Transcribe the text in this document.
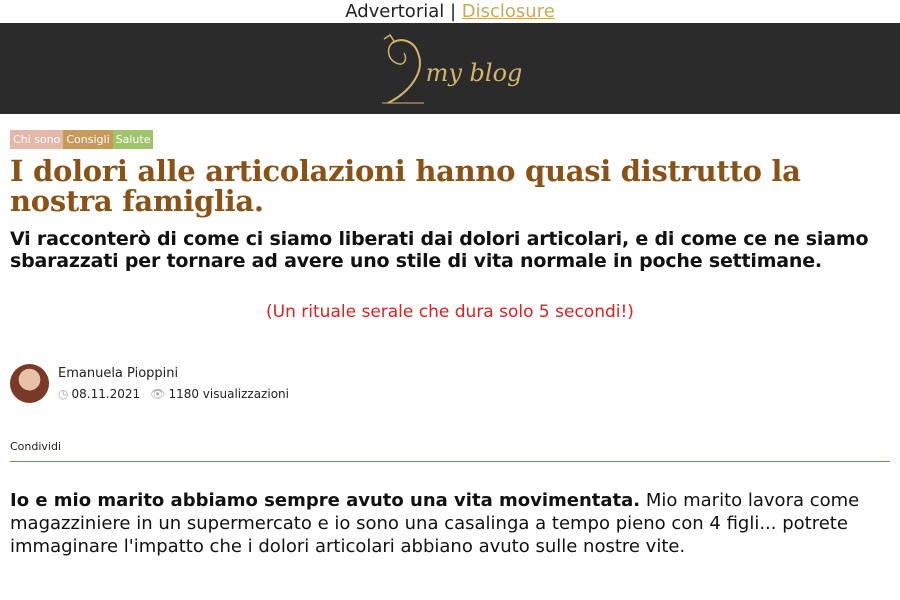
Advertorial | Disclosure
my blog
Chi sono Consigli Salute
I dolori alle articolazioni hanno quasi distrutto la nostra famiglia.
Vi racconterò di come ci siamo liberati dai dolori articolari, e di come ce ne siamo sbarazzati per tornare ad avere uno stile di vita normale in poche settimane.
(Un rituale serale che dura solo 5 secondi!)
Emanuela Pioppini
◷ 08.11.2021 👁 1180 visualizzazioni
Condividi

Io e mio marito abbiamo sempre avuto una vita movimentata. Mio marito lavora come magazziniere in un supermercato e io sono una casalinga a tempo pieno con 4 figli... potrete immaginare l'impatto che i dolori articolari abbiano avuto sulle nostre vite.
